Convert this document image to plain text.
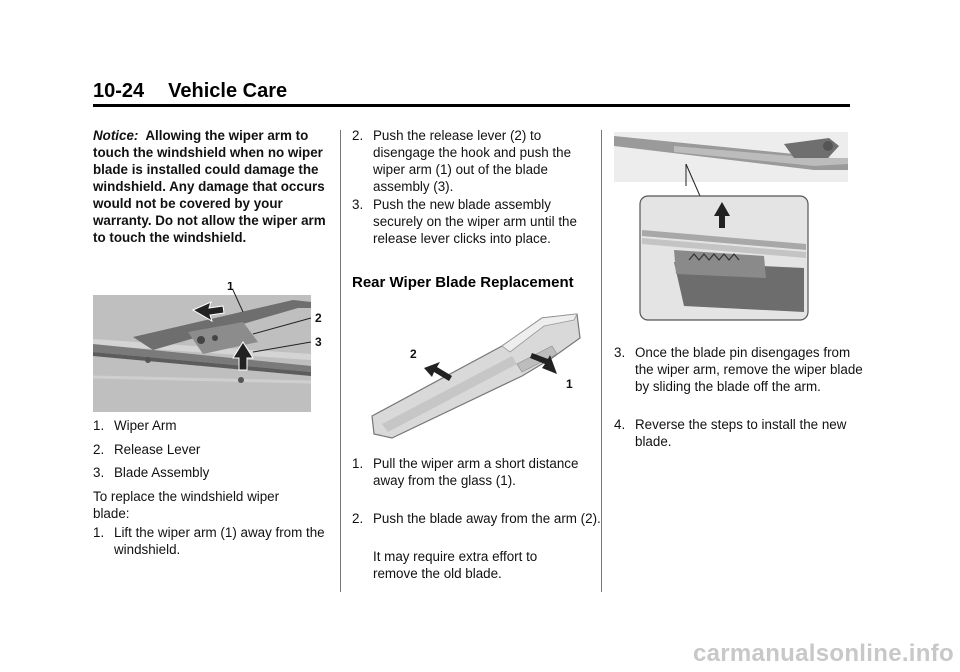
10-24 Vehicle Care
Notice: Allowing the wiper arm to touch the windshield when no wiper blade is installed could damage the windshield. Any damage that occurs would not be covered by your warranty. Do not allow the wiper arm to touch the windshield.
1
2
3
1. Wiper Arm
2. Release Lever
3. Blade Assembly
To replace the windshield wiper blade:
1. Lift the wiper arm (1) away from the windshield.
2. Push the release lever (2) to disengage the hook and push the wiper arm (1) out of the blade assembly (3).
3. Push the new blade assembly securely on the wiper arm until the release lever clicks into place.
Rear Wiper Blade Replacement
2
1
1. Pull the wiper arm a short distance away from the glass (1).
2. Push the blade away from the arm (2).
It may require extra effort to remove the old blade.
3. Once the blade pin disengages from the wiper arm, remove the wiper blade by sliding the blade off the arm.
4. Reverse the steps to install the new blade.
carmanualsonline.info
